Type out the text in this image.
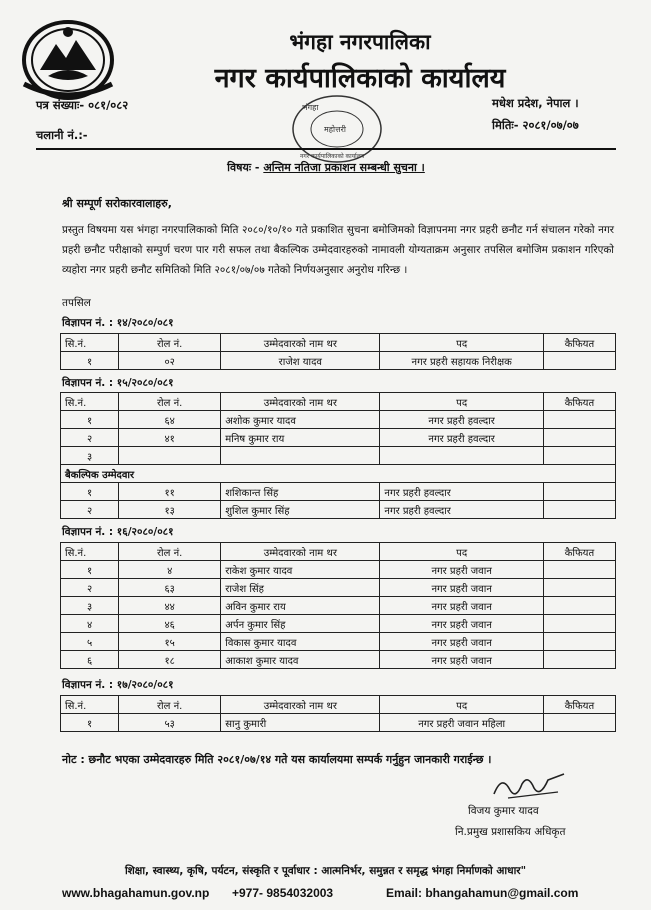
भंगहा नगरपालिका
नगर कार्यपालिकाको कार्यालय
पत्र संख्याः- ०८१/०८२
चलानी नं.:-
मधेश प्रदेश, नेपाल ।
मितिः- २०८१/०७/०७
भंगहा
महोत्तरी
नगर कार्यपालिकाको कार्यालय
विषयः - अन्तिम नतिजा प्रकाशन सम्बन्धी सुचना ।
श्री सम्पूर्ण सरोकारवालाहरु,
प्रस्तुत विषयमा यस भंगहा नगरपालिकाको मिति २०८०/१०/१० गते प्रकाशित सुचना बमोजिमको विज्ञापनमा नगर प्रहरी छनौट गर्न संचालन गरेको नगर प्रहरी छनौट परीक्षाको सम्पुर्ण चरण पार गरी सफल तथा बैकल्पिक उम्मेदवारहरुको नामावली योग्यताक्रम अनुसार तपसिल बमोजिम प्रकाशन गरिएको व्यहोरा नगर प्रहरी छनौट समितिको मिति २०८१/०७/०७ गतेको निर्णयअनुसार अनुरोध गरिन्छ ।
तपसिल
विज्ञापन नं. : १४/२०८०/०८१
सि.नं.	रोल नं.	उम्मेदवारको नाम थर	पद	कैफियत
१	०२	राजेश यादव	नगर प्रहरी सहायक निरीक्षक	
विज्ञापन नं. : १५/२०८०/०८१
सि.नं.	रोल नं.	उम्मेदवारको नाम थर	पद	कैफियत
१	६४	अशोक कुमार यादव	नगर प्रहरी हवल्दार	
२	४१	मनिष कुमार राय	नगर प्रहरी हवल्दार	
३				
बैकल्पिक उम्मेदवार				
१	११	शशिकान्त सिंह	नगर प्रहरी हवल्दार	
२	१३	शुशिल कुमार सिंह	नगर प्रहरी हवल्दार	
विज्ञापन नं. : १६/२०८०/०८१
सि.नं.	रोल नं.	उम्मेदवारको नाम थर	पद	कैफियत
१	४	राकेश कुमार यादव	नगर प्रहरी जवान	
२	६३	राजेश सिंह	नगर प्रहरी जवान	
३	४४	अविन कुमार राय	नगर प्रहरी जवान	
४	४६	अर्पन कुमार सिंह	नगर प्रहरी जवान	
५	१५	विकास कुमार यादव	नगर प्रहरी जवान	
६	१८	आकाश कुमार यादव	नगर प्रहरी जवान	
विज्ञापन नं. : १७/२०८०/०८१
सि.नं.	रोल नं.	उम्मेदवारको नाम थर	पद	कैफियत
१	५३	सानु कुमारी	नगर प्रहरी जवान महिला	
नोट : छनौट भएका उम्मेदवारहरु मिति २०८१/०७/१४ गते यस कार्यालयमा सम्पर्क गर्नुहुन जानकारी गराईन्छ ।
विजय कुमार यादव
नि.प्रमुख प्रशासकिय अधिकृत
शिक्षा, स्वास्थ्य, कृषि, पर्यटन, संस्कृति र पूर्वाधार : आत्मनिर्भर, समुन्नत र समृद्ध भंगहा निर्माणको आधार"
www.bhagahamun.gov.np +977- 9854032003	Email: bhangahamun@gmail.com
